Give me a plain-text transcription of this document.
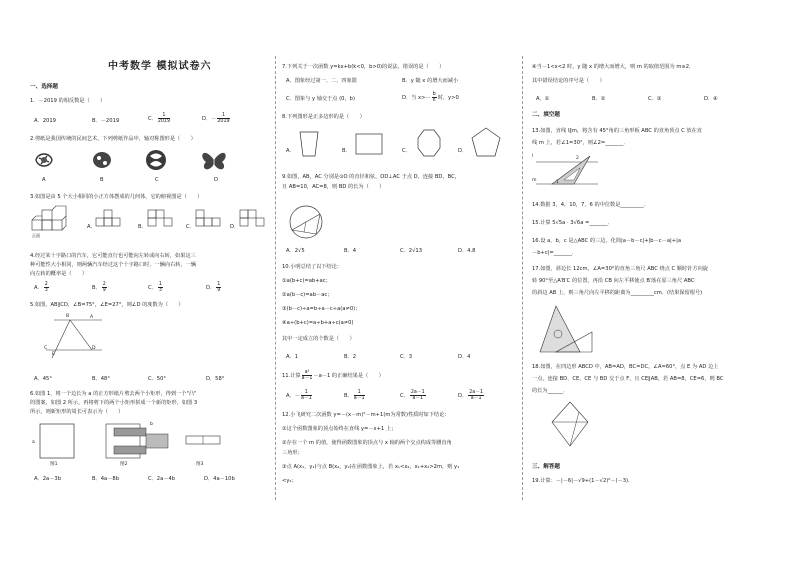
中考数学 模拟试卷六
一、选择题
1．－2019 的相反数是（　　）
A．2019	B．－2019	C． $\frac{1}{2019}$	D．－ $\frac{1}{2019}$
2.剪纸是我国传统的民间艺术，下列剪纸作品中，轴对称图形是（　　）
A	B	C	D
3.如图是由 5 个大小相同的小正方体摆成的几何体，它的俯视图是（　　）
正面
A．	B．	C．	D．
4.经过某十字路口的汽车，它可能直行也可能向左转或向右转，如果这三
种可能性大小相同，则两辆汽车经过这个十字路口时，一辆向右转，一辆
向左转的概率是（　　）
A． $\frac{2}{3}$	B． $\frac{2}{9}$	C． $\frac{1}{3}$	D． $\frac{1}{9}$
5.如图，AB∥CD，∠B=75°，∠E=27°，则∠D 的度数为（　　）
A
B
C	D
E
A．45°	B．48°	C．50°	D．58°
6.如图 1，将一个边长为 a 的正方形纸片剪去两个小矩形，得到一个"凸"
的图案，如图 2 所示，再将剪下的两个小矩形拼成一个新的矩形，如图 3
所示，则新矩形的周长可表示为（　　）
a
b
图1	图2	图3
A．2a－3b	B．4a－8b	C．2a－4b	D．4a－10b
7.下列关于一次函数 y=kx+b(k<0，b>0)的说法，错误的是（　　）
A．图象经过第一、二、四象限	B．y 随 x 的增大而减小
C．图象与 y 轴交于点 (0，b)	D．当 $x>- \frac{b}{k}$ 时，y>0
8.下列图形是正多边形的是（　　）
A．	B．	C．	D．
9.如图，AB，AC 分别是⊙O 的直径和弦，OD⊥AC 于点 D，连接 BD，BC，
且 AB=10，AC=8，则 BD 的长为（　　）
A．2√5	B．4	C．2√13	D．4.8
10.小明总结了以下结论：
①a(b+c)=ab+ac；
②a(b－c)=ab－ac；
③(b－c)÷a=b÷a－c÷a(a≠0)；
④a÷(b+c)=a÷b+a÷c(a≠0)
其中一定成立的个数是（　　）
A．1	B．2	C．3	D．4
11.计算 $\frac{\text{a²}}{a-1} -a-1$ 的正确结果是（　　）
A．－ $\frac{1}{a-1}$	B． $\frac{1}{a-1}$	C． $\frac{2a-1}{a-1}$	D． $\frac{2a-1}{a-1}$
12.小飞研究二次函数 y=－(x－m)²－m+1(m为常数)性质时如下结论：
①这个函数图象的顶点始终在直线 y=－x+1 上；
②存在一个 m 的值，使得函数图象的顶点与 x 轴的两个交点构成等腰直角
三角形；
③点 A(x₁，y₁)与点 B(x₂，y₂)在函数图象上，若 x₁<x₂，x₁+x₂>2m，则 y₁
<y₂；
④当－1<x<2 时，y 随 x 的增大而增大，则 m 的取值范围为 m≥2．
其中错误结论的序号是（　　）
A．①	B．②	C．③	D．④
二、填空题
13.如图，直线 l∥m，将含有 45°角的三角形板 ABC 的直角顶点 C 放在直
线 m 上，若∠1=30°，则∠2=_______．
l
m	1
2
14.数据 3，4，10，7，6 的中位数是_________．
15.计算 5√5a · 3√6a =_______．
16.设 a，b，c 是△ABC 的三边，化简|a－b－c|+|b－c－a|+|a
－b+c|=_______．
17.如图，斜边长 12cm，∠A=30°的直角三角尺 ABC 绕点 C 顺时针方向旋
转 90°至△A′B′C 的位置，再沿 CB 向左平移使点 B′落在原三角尺 ABC
的斜边 AB 上，则三角尺向左平移的距离为_________cm．(结果保留根号)
18.如图，在四边形 ABCD 中，AB=AD，BC=DC，∠A=60°，点 E 为 AD 边上
一点，连接 BD、CE，CE 与 BD 交于点 F，且 CE∥AB，若 AB=8，CE=6，则 BC
的长为______．
三、解答题
19.计算：－|－6|－√9+(1－√2)⁰－(－3)．
